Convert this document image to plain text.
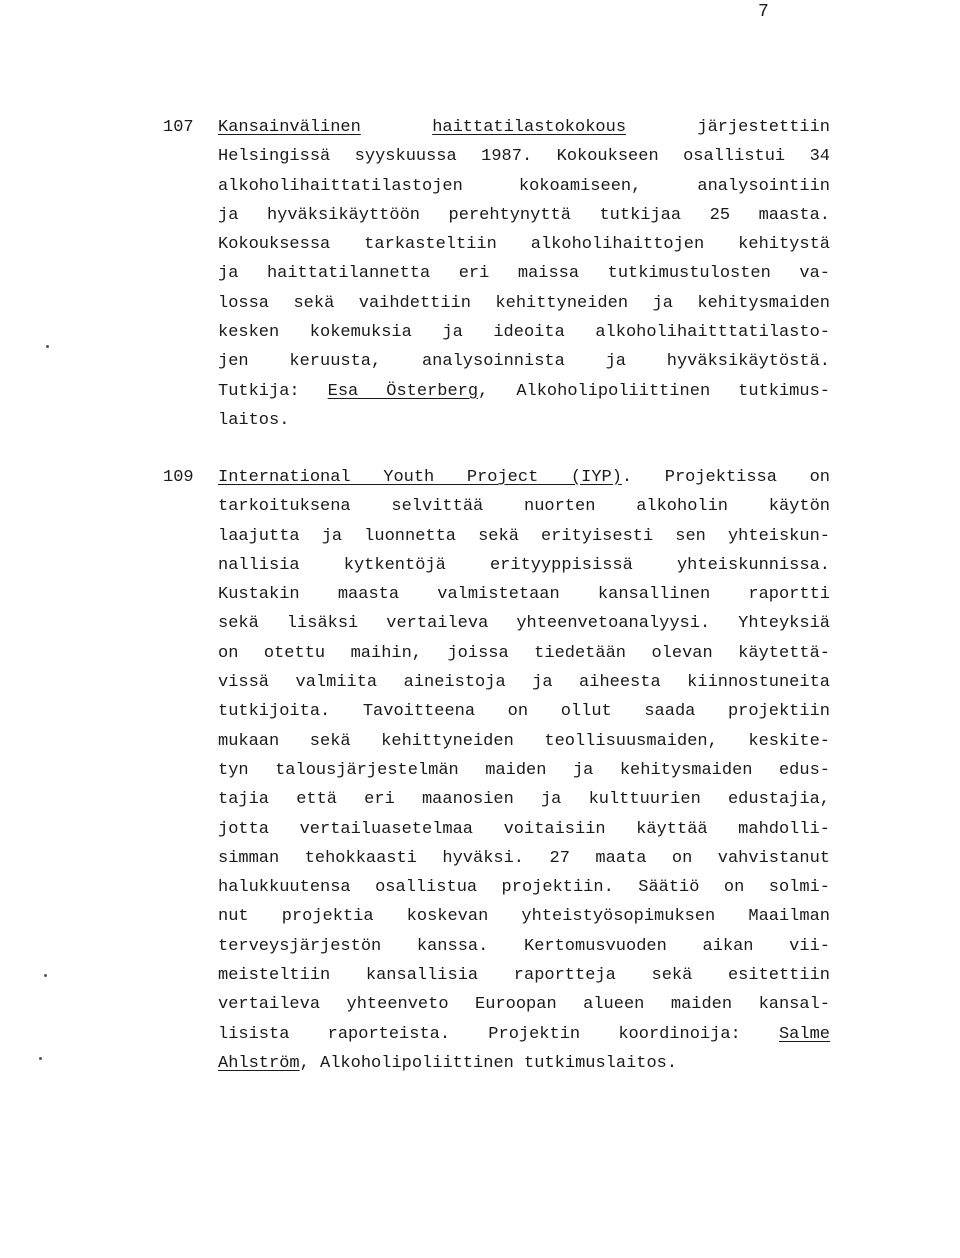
7
107 Kansainvälinen	haittatilastokokous    järjestettiin
Helsingissä syyskuussa 1987. Kokoukseen osallistui 34
alkoholihaittatilastojen kokoamiseen, analysointiin
ja hyväksikäyttöön perehtynyttä tutkijaa 25 maasta.
Kokouksessa tarkasteltiin alkoholihaittojen kehitystä
ja haittatilannetta eri maissa tutkimustulosten va-
lossa sekä vaihdettiin kehittyneiden ja kehitysmaiden
kesken kokemuksia ja ideoita alkoholihaitttatilasto-
jen keruusta, analysoinnista ja hyväksikäytöstä.
Tutkija: Esa Österberg, Alkoholipoliittinen tutkimus-
laitos.
109 International Youth Project (IYP). Projektissa on
tarkoituksena selvittää nuorten alkoholin käytön
laajutta ja luonnetta sekä erityisesti sen yhteiskun-
nallisia kytkentöjä erityyppisissä yhteiskunnissa.
Kustakin maasta valmistetaan kansallinen raportti
sekä lisäksi vertaileva yhteenvetoanalyysi. Yhteyksiä
on otettu maihin, joissa tiedetään olevan käytettä-
vissä valmiita aineistoja ja aiheesta kiinnostuneita
tutkijoita. Tavoitteena on ollut saada projektiin
mukaan sekä kehittyneiden teollisuusmaiden, keskite-
tyn talousjärjestelmän maiden ja kehitysmaiden edus-
tajia että eri maanosien ja kulttuurien edustajia,
jotta vertailuasetelmaa voitaisiin käyttää mahdolli-
simman tehokkaasti hyväksi. 27 maata on vahvistanut
halukkuutensa osallistua projektiin. Säätiö on solmi-
nut projektia koskevan yhteistyösopimuksen Maailman
terveysjärjestön kanssa. Kertomusvuoden aikan vii-
meisteltiin kansallisia raportteja sekä esitettiin
vertaileva yhteenveto Euroopan alueen maiden kansal-
lisista raporteista. Projektin koordinoija: Salme
Ahlström, Alkoholipoliittinen tutkimuslaitos.
